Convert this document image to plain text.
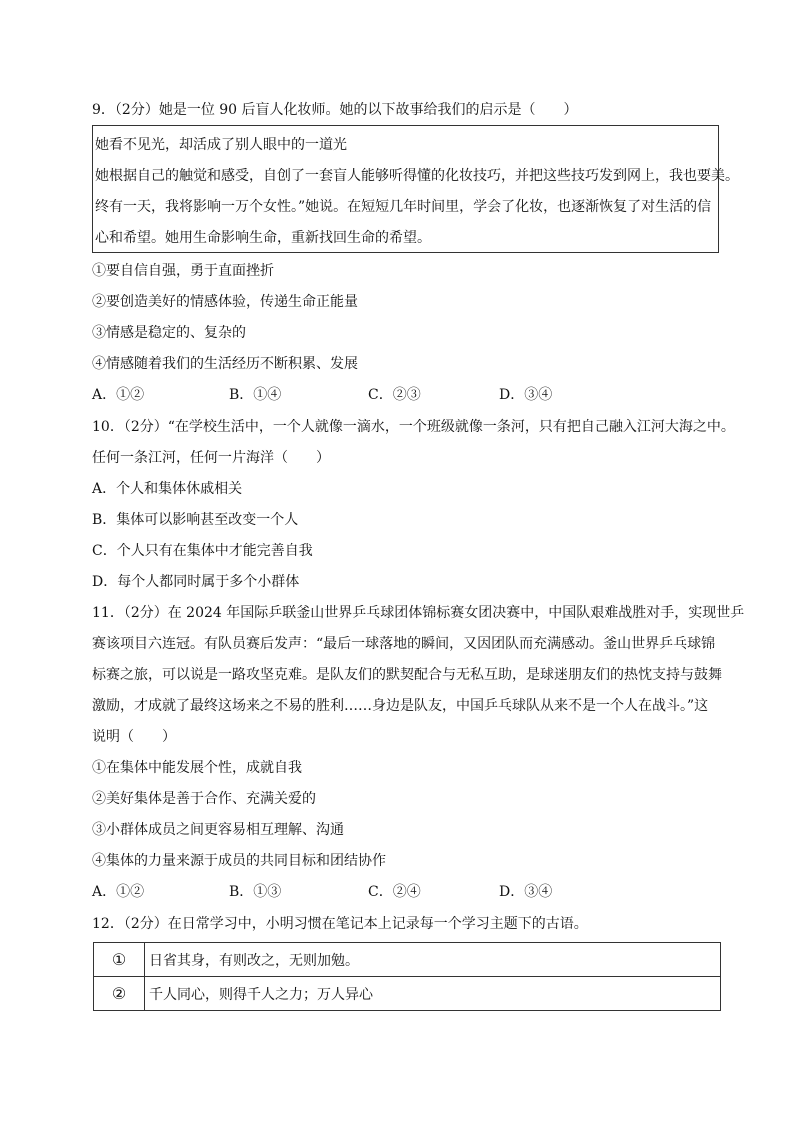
9．（2分）她是一位 90 后盲人化妆师。她的以下故事给我们的启示是（　　）
她看不见光，却活成了别人眼中的一道光
她根据自己的触觉和感受，自创了一套盲人能够听得懂的化妆技巧，并把这些技巧发到网上，我也要美。
终有一天，我将影响一万个女性。”她说。在短短几年时间里，学会了化妆，也逐渐恢复了对生活的信
心和希望。她用生命影响生命，重新找回生命的希望。
①要自信自强，勇于直面挫折
②要创造美好的情感体验，传递生命正能量
③情感是稳定的、复杂的
④情感随着我们的生活经历不断积累、发展
A．①②	B．①④	C．②③	D．③④
10．（2分）“在学校生活中，一个人就像一滴水，一个班级就像一条河，只有把自己融入江河大海之中。
任何一条江河，任何一片海洋（　　）
A．个人和集体休戚相关
B．集体可以影响甚至改变一个人
C．个人只有在集体中才能完善自我
D．每个人都同时属于多个小群体
11．（2分）在 2024 年国际乒联釜山世界乒乓球团体锦标赛女团决赛中，中国队艰难战胜对手，实现世乒
赛该项目六连冠。有队员赛后发声：“最后一球落地的瞬间，又因团队而充满感动。釜山世界乒乓球锦
标赛之旅，可以说是一路攻坚克难。是队友们的默契配合与无私互助，是球迷朋友们的热忱支持与鼓舞
激励，才成就了最终这场来之不易的胜利……身边是队友，中国乒乓球队从来不是一个人在战斗。”这
说明（　　）
①在集体中能发展个性，成就自我
②美好集体是善于合作、充满关爱的
③小群体成员之间更容易相互理解、沟通
④集体的力量来源于成员的共同目标和团结协作
A．①②	B．①③	C．②④	D．③④
12．（2分）在日常学习中，小明习惯在笔记本上记录每一个学习主题下的古语。
①	日省其身，有则改之，无则加勉。
②	千人同心，则得千人之力；万人异心
